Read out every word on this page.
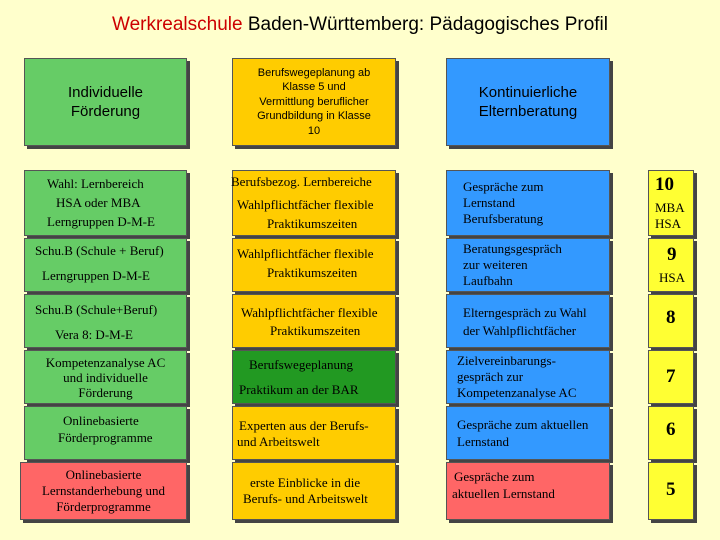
Werkrealschule Baden-Württemberg: Pädagogisches Profil
Individuelle
Förderung
Berufswegeplanung ab
Klasse 5 und
Vermittlung beruflicher
Grundbildung in Klasse
10
Kontinuierliche
Elternberatung
Wahl: Lernbereich
HSA oder MBA
Lerngruppen D-M-E
Berufsbezog. Lernbereiche
Wahlpflichtfächer flexible
Praktikumszeiten
Gespräche zum
Lernstand
Berufsberatung
10
MBA
HSA
Schu.B (Schule + Beruf)
Lerngruppen D-M-E
Wahlpflichtfächer flexible
Praktikumszeiten
Beratungsgespräch
zur weiteren
Laufbahn
9
HSA
Schu.B (Schule+Beruf)
Vera 8: D-M-E
Wahlpflichtfächer flexible
Praktikumszeiten
Elterngespräch zu Wahl
der Wahlpflichtfächer
8
Kompetenzanalyse AC
und individuelle
Förderung
Berufswegeplanung
Praktikum an der BAR
Zielvereinbarungs-
gespräch zur
Kompetenzanalyse AC
7
Onlinebasierte
Förderprogramme
Experten aus der Berufs-
und Arbeitswelt
Gespräche zum aktuellen
Lernstand
6
Onlinebasierte
Lernstanderhebung und
Förderprogramme
erste Einblicke in die
Berufs- und Arbeitswelt
Gespräche zum
aktuellen Lernstand	5
